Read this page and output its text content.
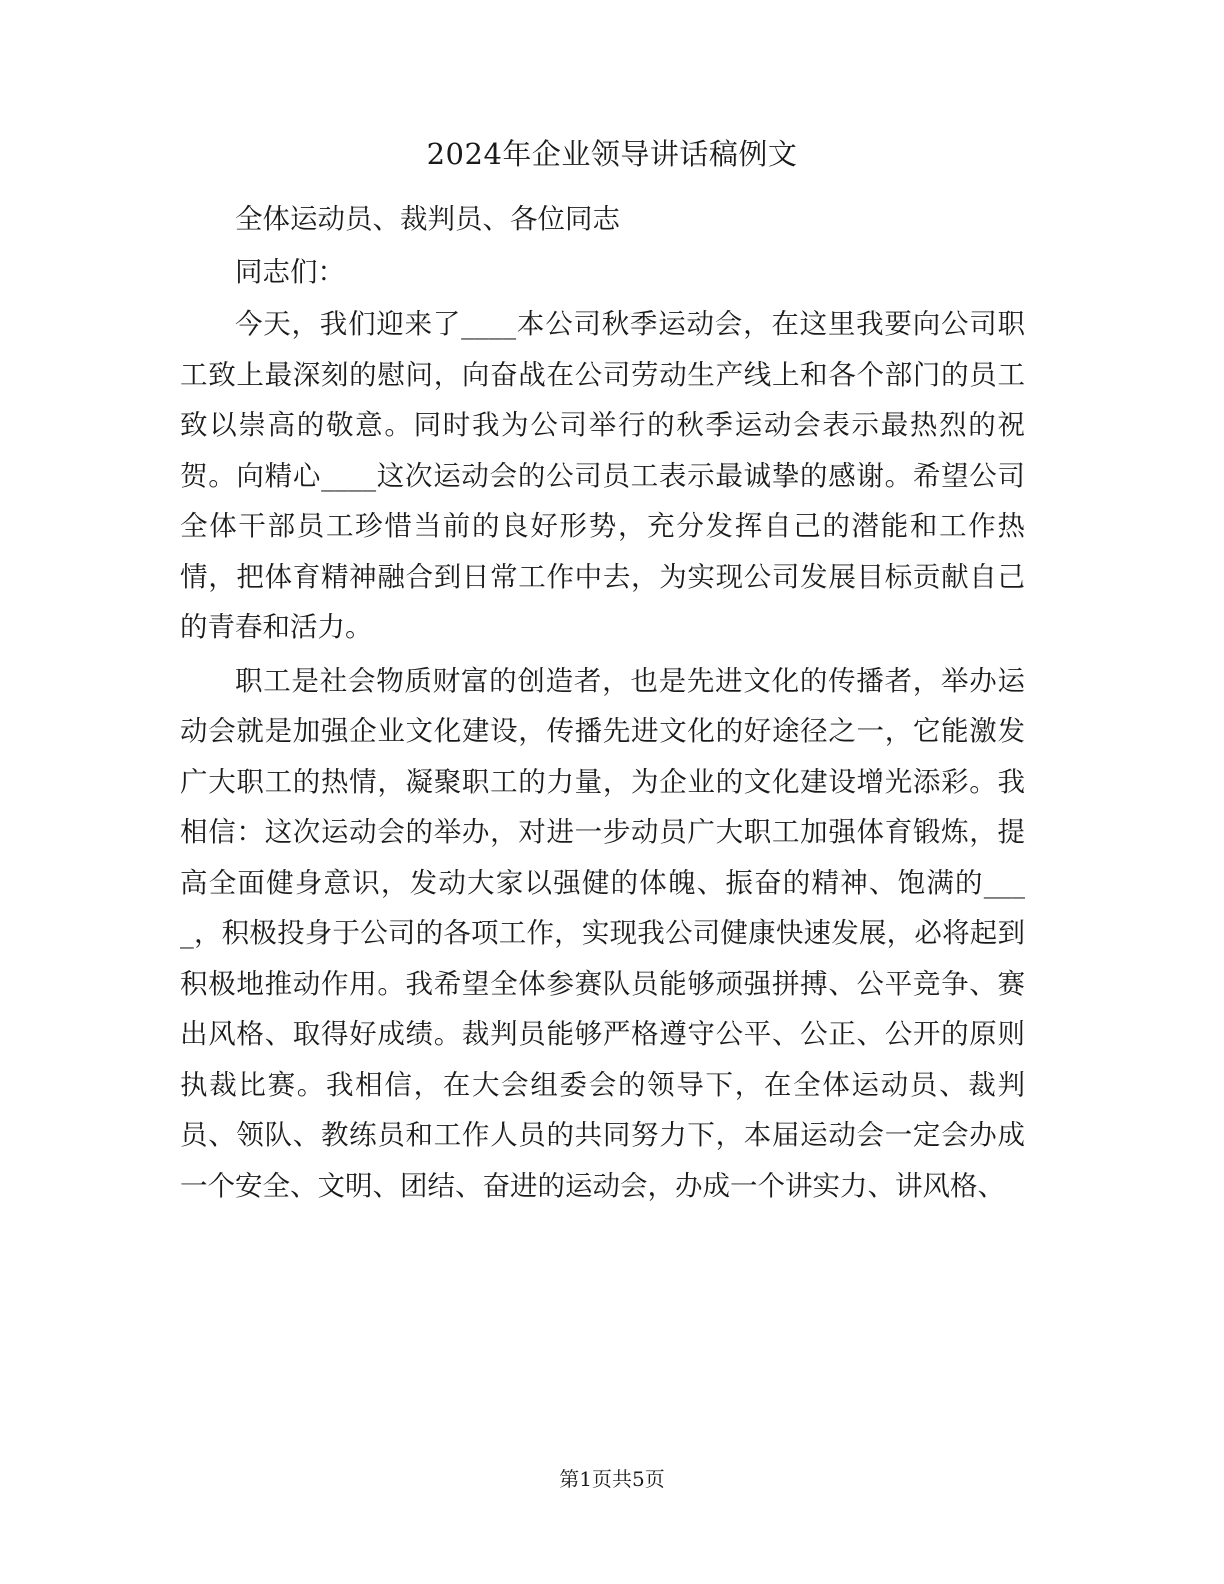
2024年企业领导讲话稿例文

全体运动员、裁判员、各位同志

同志们：

今天，我们迎来了____本公司秋季运动会，在这里我要向公司职工致上最深刻的慰问，向奋战在公司劳动生产线上和各个部门的员工致以崇高的敬意。同时我为公司举行的秋季运动会表示最热烈的祝贺。向精心____这次运动会的公司员工表示最诚挚的感谢。希望公司全体干部员工珍惜当前的良好形势，充分发挥自己的潜能和工作热情，把体育精神融合到日常工作中去，为实现公司发展目标贡献自己的青春和活力。

职工是社会物质财富的创造者，也是先进文化的传播者，举办运动会就是加强企业文化建设，传播先进文化的好途径之一，它能激发广大职工的热情，凝聚职工的力量，为企业的文化建设增光添彩。我相信：这次运动会的举办，对进一步动员广大职工加强体育锻炼，提高全面健身意识，发动大家以强健的体魄、振奋的精神、饱满的____，积极投身于公司的各项工作，实现我公司健康快速发展，必将起到积极地推动作用。我希望全体参赛队员能够顽强拼搏、公平竞争、赛出风格、取得好成绩。裁判员能够严格遵守公平、公正、公开的原则执裁比赛。我相信，在大会组委会的领导下，在全体运动员、裁判员、领队、教练员和工作人员的共同努力下，本届运动会一定会办成一个安全、文明、团结、奋进的运动会，办成一个讲实力、讲风格、

第1页共5页
